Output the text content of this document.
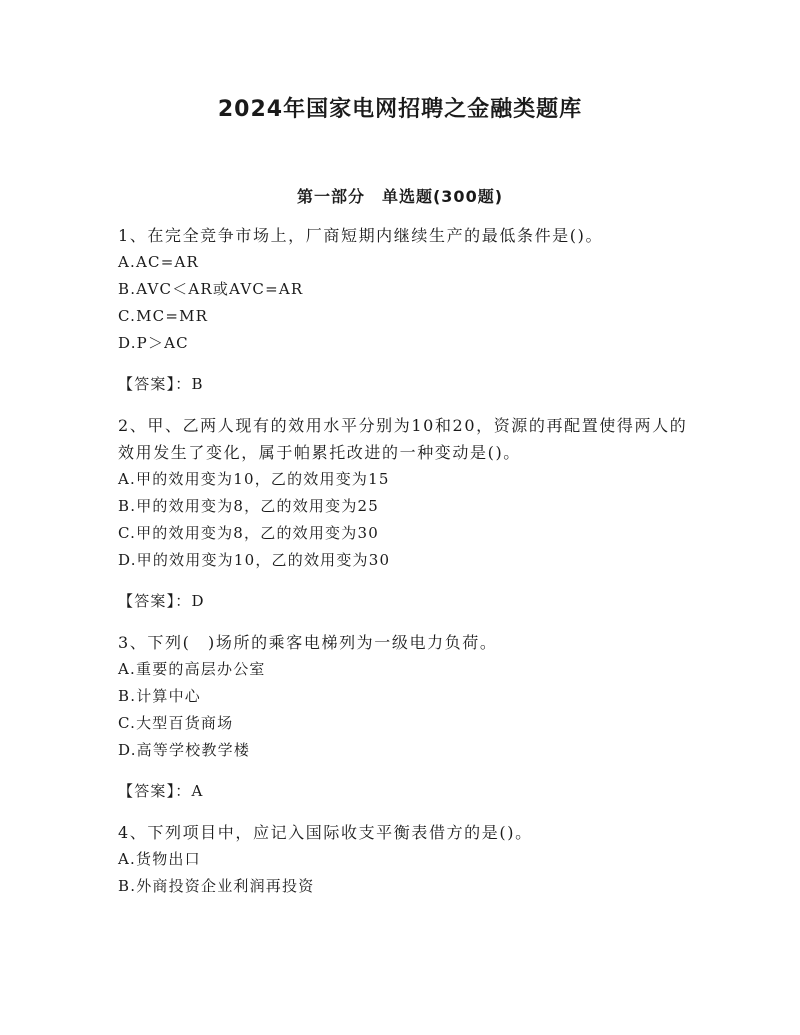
2024年国家电网招聘之金融类题库
第一部分　单选题(300题)
1、在完全竞争市场上，厂商短期内继续生产的最低条件是()。
A.AC=AR
B.AVC＜AR或AVC=AR
C.MC=MR
D.P＞AC
【答案】：B
2、甲、乙两人现有的效用水平分别为10和20，资源的再配置使得两人的效用发生了变化，属于帕累托改进的一种变动是()。
A.甲的效用变为10，乙的效用变为15
B.甲的效用变为8，乙的效用变为25
C.甲的效用变为8，乙的效用变为30
D.甲的效用变为10，乙的效用变为30
【答案】：D
3、下列(　)场所的乘客电梯列为一级电力负荷。
A.重要的高层办公室
B.计算中心
C.大型百货商场
D.高等学校教学楼
【答案】：A
4、下列项目中，应记入国际收支平衡表借方的是()。
A.货物出口
B.外商投资企业利润再投资
